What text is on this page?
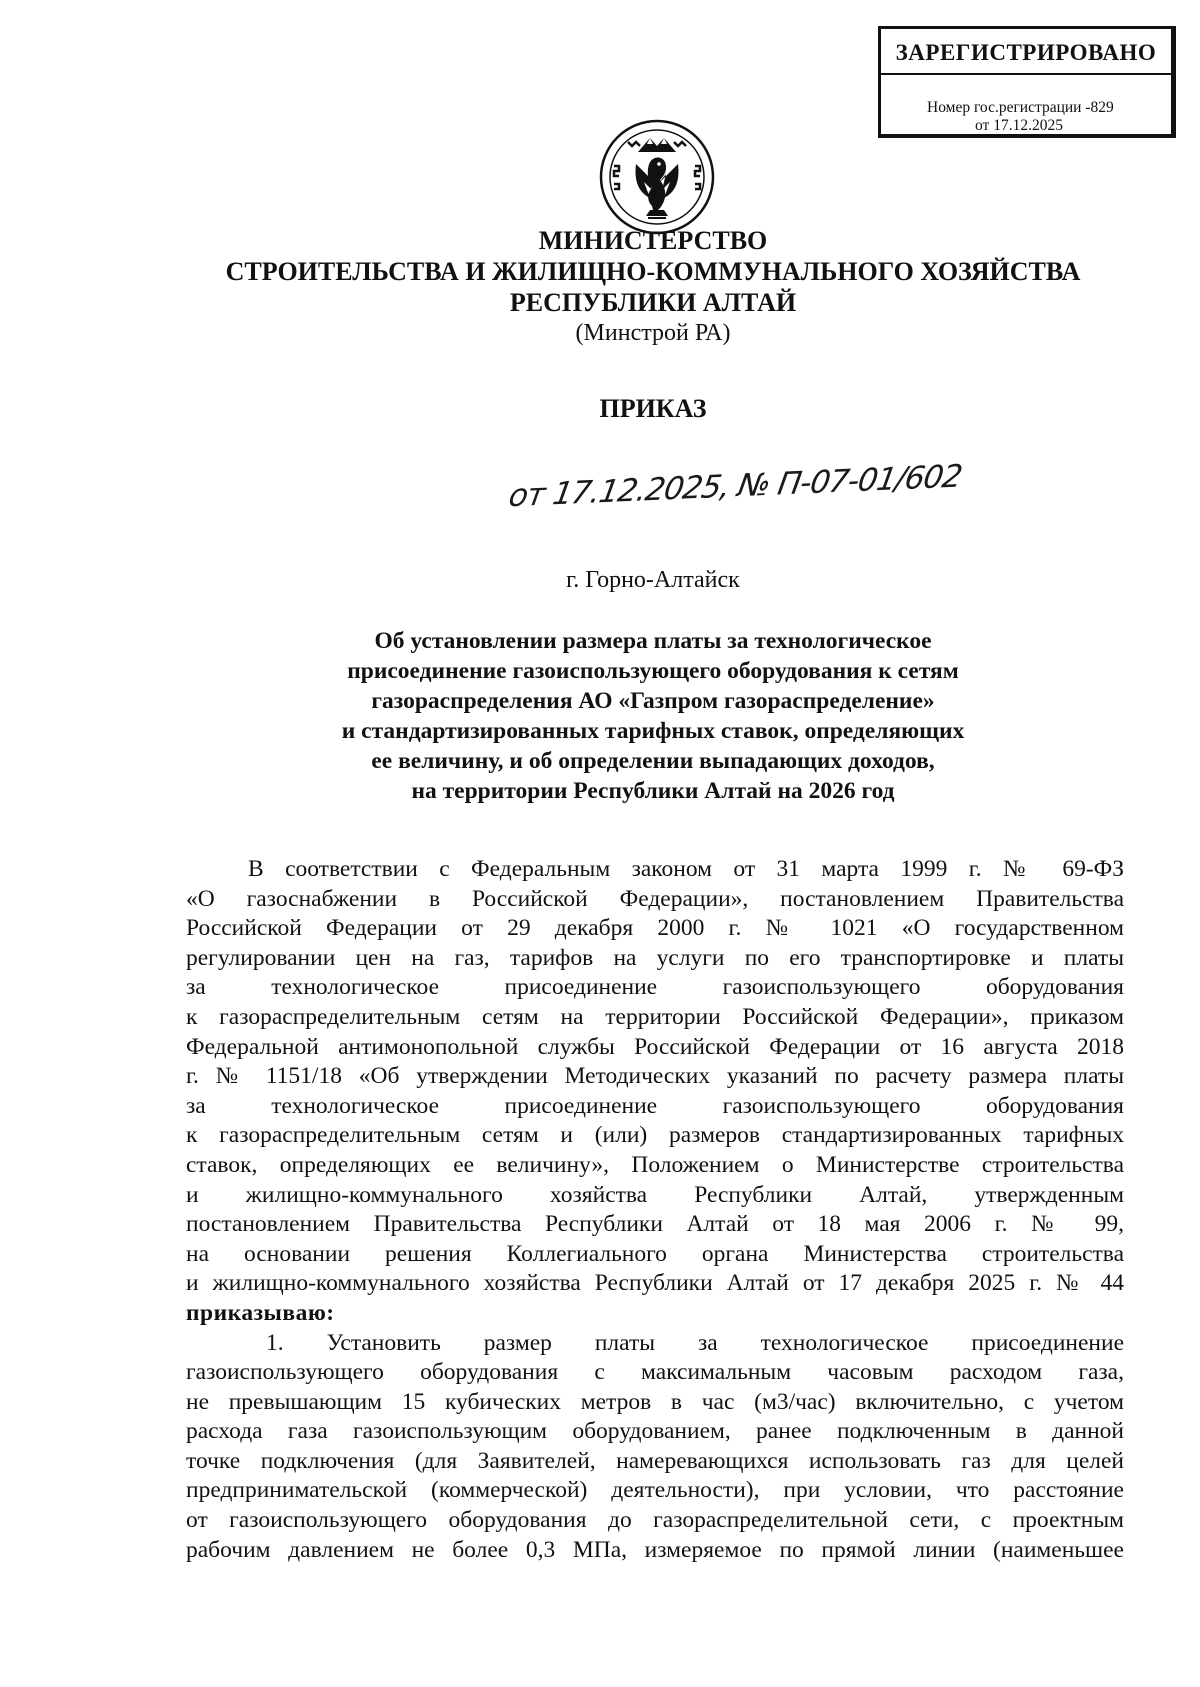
ЗАРЕГИСТРИРОВАНО
Номер гос.регистрации -829
от 17.12.2025
МИНИСТЕРСТВО
СТРОИТЕЛЬСТВА И ЖИЛИЩНО-КОММУНАЛЬНОГО ХОЗЯЙСТВА
РЕСПУБЛИКИ АЛТАЙ
(Минстрой РА)
ПРИКАЗ
от 17.12.2025, № П-07-01/602
г. Горно-Алтайск
Об установлении размера платы за технологическое
присоединение газоиспользующего оборудования к сетям
газораспределения АО «Газпром газораспределение»
и стандартизированных тарифных ставок, определяющих
ее величину, и об определении выпадающих доходов,
на территории Республики Алтай на 2026 год
В соответствии с Федеральным законом от 31 марта 1999 г. № 69-ФЗ
«О газоснабжении в Российской Федерации», постановлением Правительства
Российской Федерации от 29 декабря 2000 г. № 1021 «О государственном
регулировании цен на газ, тарифов на услуги по его транспортировке и платы
за технологическое присоединение газоиспользующего оборудования
к газораспределительным сетям на территории Российской Федерации», приказом
Федеральной антимонопольной службы Российской Федерации от 16 августа 2018
г. № 1151/18 «Об утверждении Методических указаний по расчету размера платы
за технологическое присоединение газоиспользующего оборудования
к газораспределительным сетям и (или) размеров стандартизированных тарифных
ставок, определяющих ее величину», Положением о Министерстве строительства
и жилищно-коммунального хозяйства Республики Алтай, утвержденным
постановлением Правительства Республики Алтай от 18 мая 2006 г. № 99,
на основании решения Коллегиального органа Министерства строительства
и жилищно-коммунального хозяйства Республики Алтай от 17 декабря 2025 г. № 44
приказываю:
1. Установить размер платы за технологическое присоединение
газоиспользующего оборудования с максимальным часовым расходом газа,
не превышающим 15 кубических метров в час (м3/час) включительно, с учетом
расхода газа газоиспользующим оборудованием, ранее подключенным в данной
точке подключения (для Заявителей, намеревающихся использовать газ для целей
предпринимательской (коммерческой) деятельности), при условии, что расстояние
от газоиспользующего оборудования до газораспределительной сети, с проектным
рабочим давлением не более 0,3 МПа, измеряемое по прямой линии (наименьшее
